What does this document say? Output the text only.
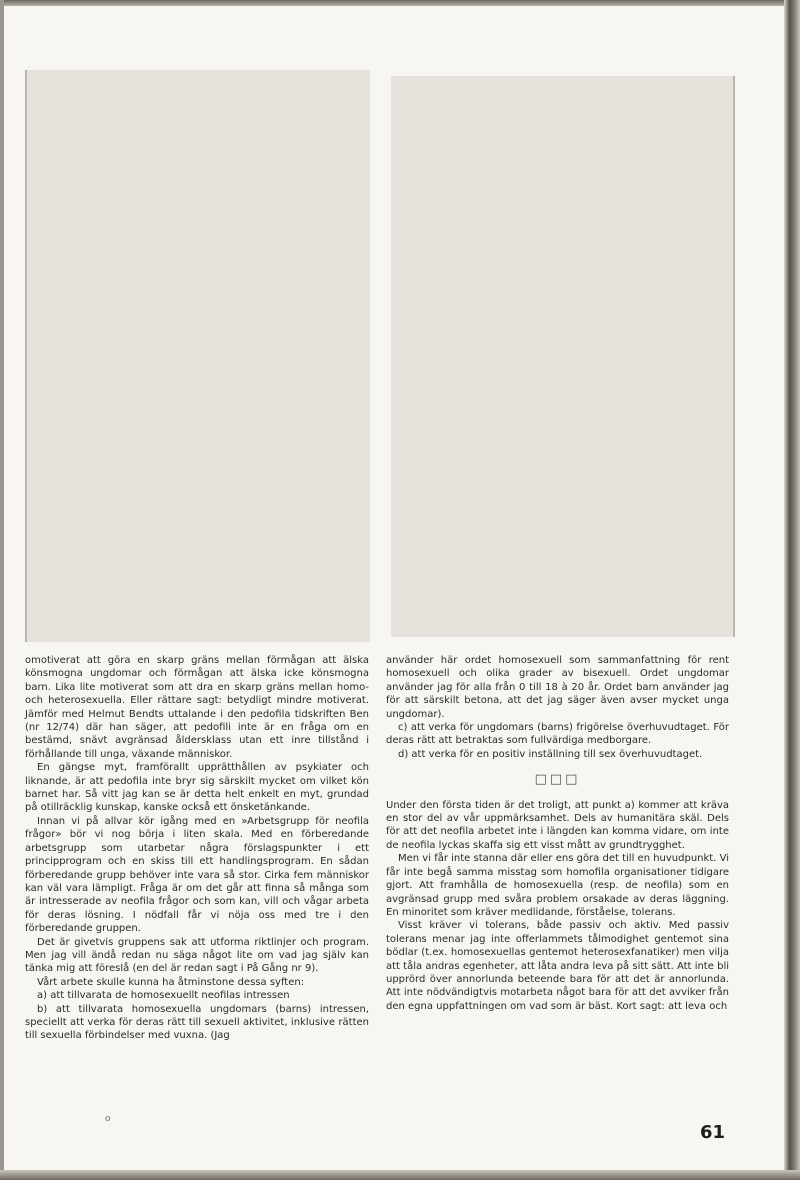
omotiverat att göra en skarp gräns mellan förmågan att älska könsmogna ungdomar och förmågan att älska icke könsmogna barn. Lika lite motiverat som att dra en skarp gräns mellan homo- och heterosexuella. Eller rättare sagt: betydligt mindre motiverat. Jämför med Helmut Bendts uttalande i den pedofila tidskriften Ben (nr 12/74) där han säger, att pedofili inte är en fråga om en bestämd, snävt avgränsad åldersklass utan ett inre tillstånd i förhållande till unga, växande människor.

En gängse myt, framförallt upprätthållen av psykiater och liknande, är att pedofila inte bryr sig särskilt mycket om vilket kön barnet har. Så vitt jag kan se är detta helt enkelt en myt, grundad på otillräcklig kunskap, kanske också ett önsketänkande.

Innan vi på allvar kör igång med en »Arbetsgrupp för neofila frågor» bör vi nog börja i liten skala. Med en förberedande arbetsgrupp som utarbetar några förslagspunkter i ett principprogram och en skiss till ett handlingsprogram. En sådan förberedande grupp behöver inte vara så stor. Cirka fem människor kan väl vara lämpligt. Fråga är om det går att finna så många som är intresserade av neofila frågor och som kan, vill och vågar arbeta för deras lösning. I nödfall får vi nöja oss med tre i den förberedande gruppen.

Det är givetvis gruppens sak att utforma riktlinjer och program. Men jag vill ändå redan nu säga något lite om vad jag själv kan tänka mig att föreslå (en del är redan sagt i På Gång nr 9).

Vårt arbete skulle kunna ha åtminstone dessa syften:

a) att tillvarata de homosexuellt neofilas intressen

b) att tillvarata homosexuella ungdomars (barns) intressen, speciellt att verka för deras rätt till sexuell aktivitet, inklusive rätten till sexuella förbindelser med vuxna. (Jag

använder här ordet homosexuell som sammanfattning för rent homosexuell och olika grader av bisexuell. Ordet ungdomar använder jag för alla från 0 till 18 à 20 år. Ordet barn använder jag för att särskilt betona, att det jag säger även avser mycket unga ungdomar).

c) att verka för ungdomars (barns) frigörelse överhuvudtaget. För deras rätt att betraktas som fullvärdiga medborgare.

d) att verka för en positiv inställning till sex överhuvudtaget.

□□□

Under den första tiden är det troligt, att punkt a) kommer att kräva en stor del av vår uppmärksamhet. Dels av humanitära skäl. Dels för att det neofila arbetet inte i längden kan komma vidare, om inte de neofila lyckas skaffa sig ett visst mått av grundtrygghet.

Men vi får inte stanna där eller ens göra det till en huvudpunkt. Vi får inte begå samma misstag som homofila organisationer tidigare gjort. Att framhålla de homosexuella (resp. de neofila) som en avgränsad grupp med svåra problem orsakade av deras läggning. En minoritet som kräver medlidande, förståelse, tolerans.

Visst kräver vi tolerans, både passiv och aktiv. Med passiv tolerans menar jag inte offerlammets tålmodighet gentemot sina bödlar (t.ex. homosexuellas gentemot heterosexfanatiker) men vilja att tåla andras egenheter, att låta andra leva på sitt sätt. Att inte bli upprörd över annorlunda beteende bara för att det är annorlunda. Att inte nödvändigtvis motarbeta något bara för att det avviker från den egna uppfattningen om vad som är bäst. Kort sagt: att leva och

o
61
